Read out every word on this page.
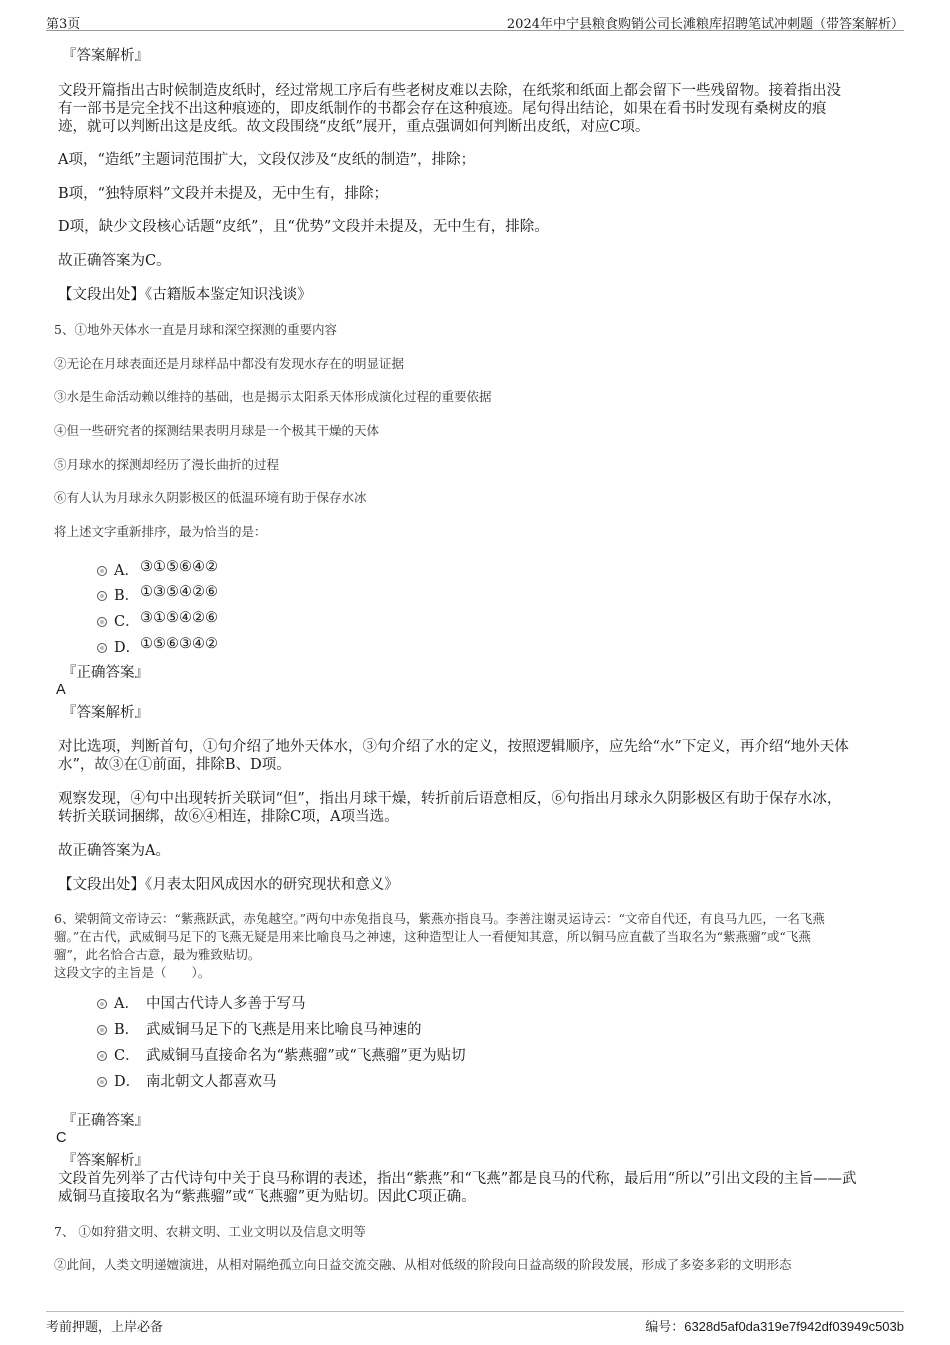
第3页	2024年中宁县粮食购销公司长滩粮库招聘笔试冲刺题（带答案解析）
『答案解析』
文段开篇指出古时候制造皮纸时，经过常规工序后有些老树皮难以去除，在纸浆和纸面上都会留下一些残留物。接着指出没
有一部书是完全找不出这种痕迹的，即皮纸制作的书都会存在这种痕迹。尾句得出结论，如果在看书时发现有桑树皮的痕
迹，就可以判断出这是皮纸。故文段围绕“皮纸”展开，重点强调如何判断出皮纸，对应C项。
A项，“造纸”主题词范围扩大，文段仅涉及“皮纸的制造”，排除；
B项，“独特原料”文段并未提及，无中生有，排除；
D项，缺少文段核心话题“皮纸”，且“优势”文段并未提及，无中生有，排除。
故正确答案为C。
【文段出处】《古籍版本鉴定知识浅谈》
5、①地外天体水一直是月球和深空探测的重要内容
②无论在月球表面还是月球样品中都没有发现水存在的明显证据
③水是生命活动赖以维持的基础，也是揭示太阳系天体形成演化过程的重要依据
④但一些研究者的探测结果表明月球是一个极其干燥的天体
⑤月球水的探测却经历了漫长曲折的过程
⑥有人认为月球永久阴影极区的低温环境有助于保存水冰
将上述文字重新排序，最为恰当的是：
A． ③①⑤⑥④②
B． ①③⑤④②⑥
C． ③①⑤④②⑥
D． ①⑤⑥③④②
『正确答案』
A
『答案解析』
对比选项，判断首句，①句介绍了地外天体水，③句介绍了水的定义，按照逻辑顺序，应先给“水”下定义，再介绍“地外天体
水”，故③在①前面，排除B、D项。
观察发现，④句中出现转折关联词“但”，指出月球干燥，转折前后语意相反，⑥句指出月球永久阴影极区有助于保存水冰，
转折关联词捆绑，故⑥④相连，排除C项，A项当选。
故正确答案为A。
【文段出处】《月表太阳风成因水的研究现状和意义》
6、梁朝简文帝诗云：“紫燕跃武，赤兔越空。”两句中赤兔指良马，紫燕亦指良马。李善注谢灵运诗云：“文帝自代还，有良马九匹，一名飞燕
骝。”在古代，武威铜马足下的飞燕无疑是用来比喻良马之神速，这种造型让人一看便知其意，所以铜马应直截了当取名为“紫燕骝”或“飞燕
骝”，此名恰合古意，最为雅致贴切。
这段文字的主旨是（　　）。
A． 中国古代诗人多善于写马
B． 武威铜马足下的飞燕是用来比喻良马神速的
C． 武威铜马直接命名为“紫燕骝”或“飞燕骝”更为贴切
D． 南北朝文人都喜欢马
『正确答案』
C
『答案解析』
文段首先列举了古代诗句中关于良马称谓的表述，指出“紫燕”和“飞燕”都是良马的代称，最后用“所以”引出文段的主旨——武
威铜马直接取名为“紫燕骝”或“飞燕骝”更为贴切。因此C项正确。
7、 ①如狩猎文明、农耕文明、工业文明以及信息文明等
②此间，人类文明递嬗演进，从相对隔绝孤立向日益交流交融、从相对低级的阶段向日益高级的阶段发展，形成了多姿多彩的文明形态
考前押题，上岸必备	编号：6328d5af0da319e7f942df03949c503b
